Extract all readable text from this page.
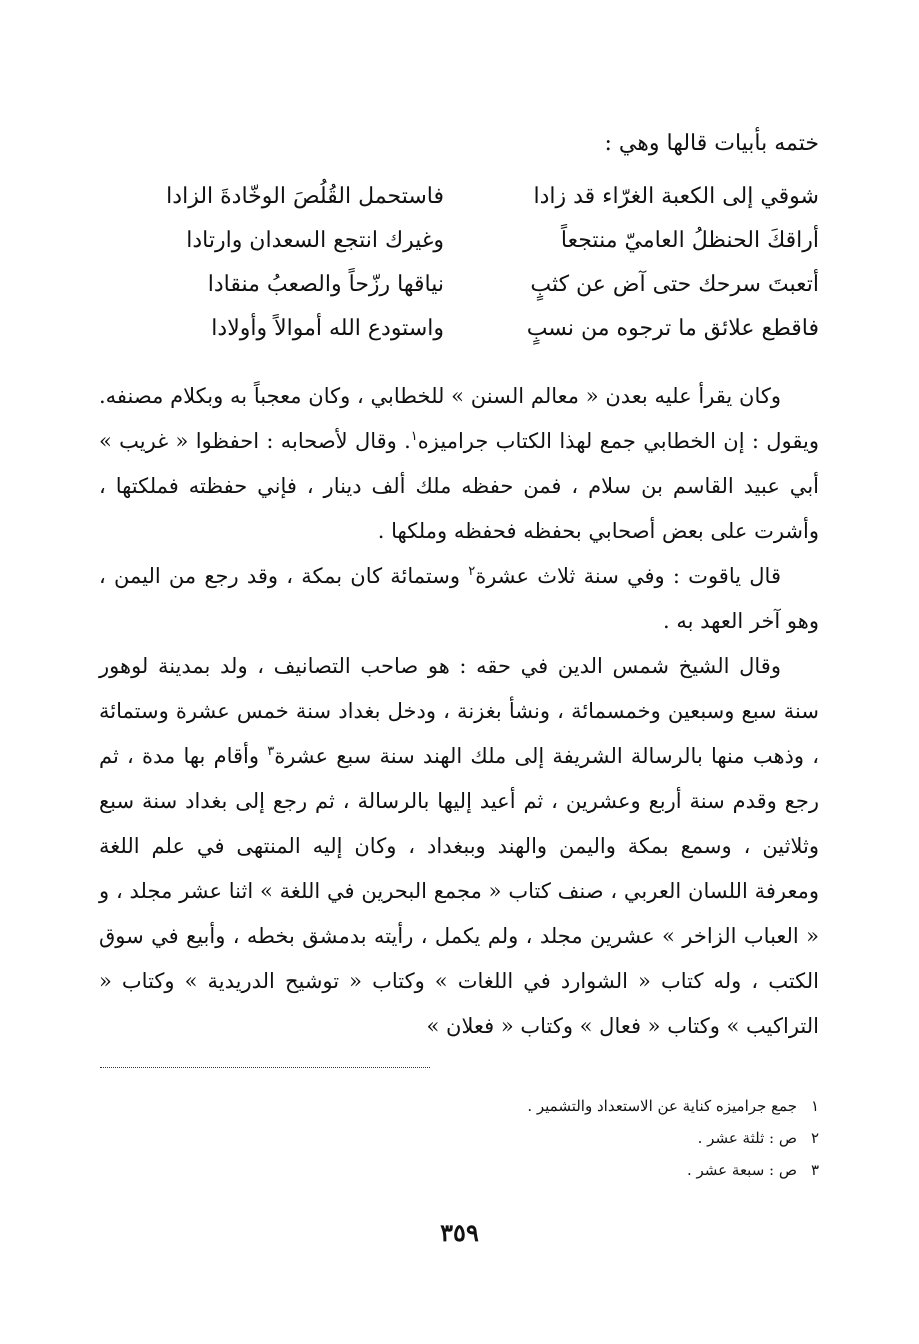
ختمه بأبيات قالها وهي :
شوقي إلى الكعبة الغرّاء قد زادا
فاستحمل القُلُصَ الوخّادةَ الزادا
أراقكَ الحنظلُ العاميّ منتجعاً
وغيرك انتجع السعدان وارتادا
أتعبتَ سرحك حتى آض عن كثبٍ
نياقها رزّحاً والصعبُ منقادا
فاقطع علائق ما ترجوه من نسبٍ
واستودع الله أموالاً وأولادا

وكان يقرأ عليه بعدن « معالم السنن » للخطابي ، وكان معجباً به وبكلام مصنفه. ويقول : إن الخطابي جمع لهذا الكتاب جراميزه$^١$. وقال لأصحابه : احفظوا « غريب » أبي عبيد القاسم بن سلام ، فمن حفظه ملك ألف دينار ، فإني حفظته فملكتها ، وأشرت على بعض أصحابي بحفظه فحفظه وملكها .

قال ياقوت : وفي سنة ثلاث عشرة$^٢$ وستمائة كان بمكة ، وقد رجع من اليمن ، وهو آخر العهد به .

وقال الشيخ شمس الدين في حقه : هو صاحب التصانيف ، ولد بمدينة لوهور سنة سبع وسبعين وخمسمائة ، ونشأ بغزنة ، ودخل بغداد سنة خمس عشرة وستمائة ، وذهب منها بالرسالة الشريفة إلى ملك الهند سنة سبع عشرة$^٣$ وأقام بها مدة ، ثم رجع وقدم سنة أربع وعشرين ، ثم أعيد إليها بالرسالة ، ثم رجع إلى بغداد سنة سبع وثلاثين ، وسمع بمكة واليمن والهند وببغداد ، وكان إليه المنتهى في علم اللغة ومعرفة اللسان العربي ، صنف كتاب « مجمع البحرين في اللغة » اثنا عشر مجلد ، و « العباب الزاخر » عشرين مجلد ، ولم يكمل ، رأيته بدمشق بخطه ، وأبيع في سوق الكتب ، وله كتاب « الشوارد في اللغات » وكتاب « توشيح الدريدية » وكتاب « التراكيب » وكتاب « فعال » وكتاب « فعلان »

١جمع جراميزه كناية عن الاستعداد والتشمير .
٢ص : ثلثة عشر .
٣ص : سبعة عشر .
٣٥٩
